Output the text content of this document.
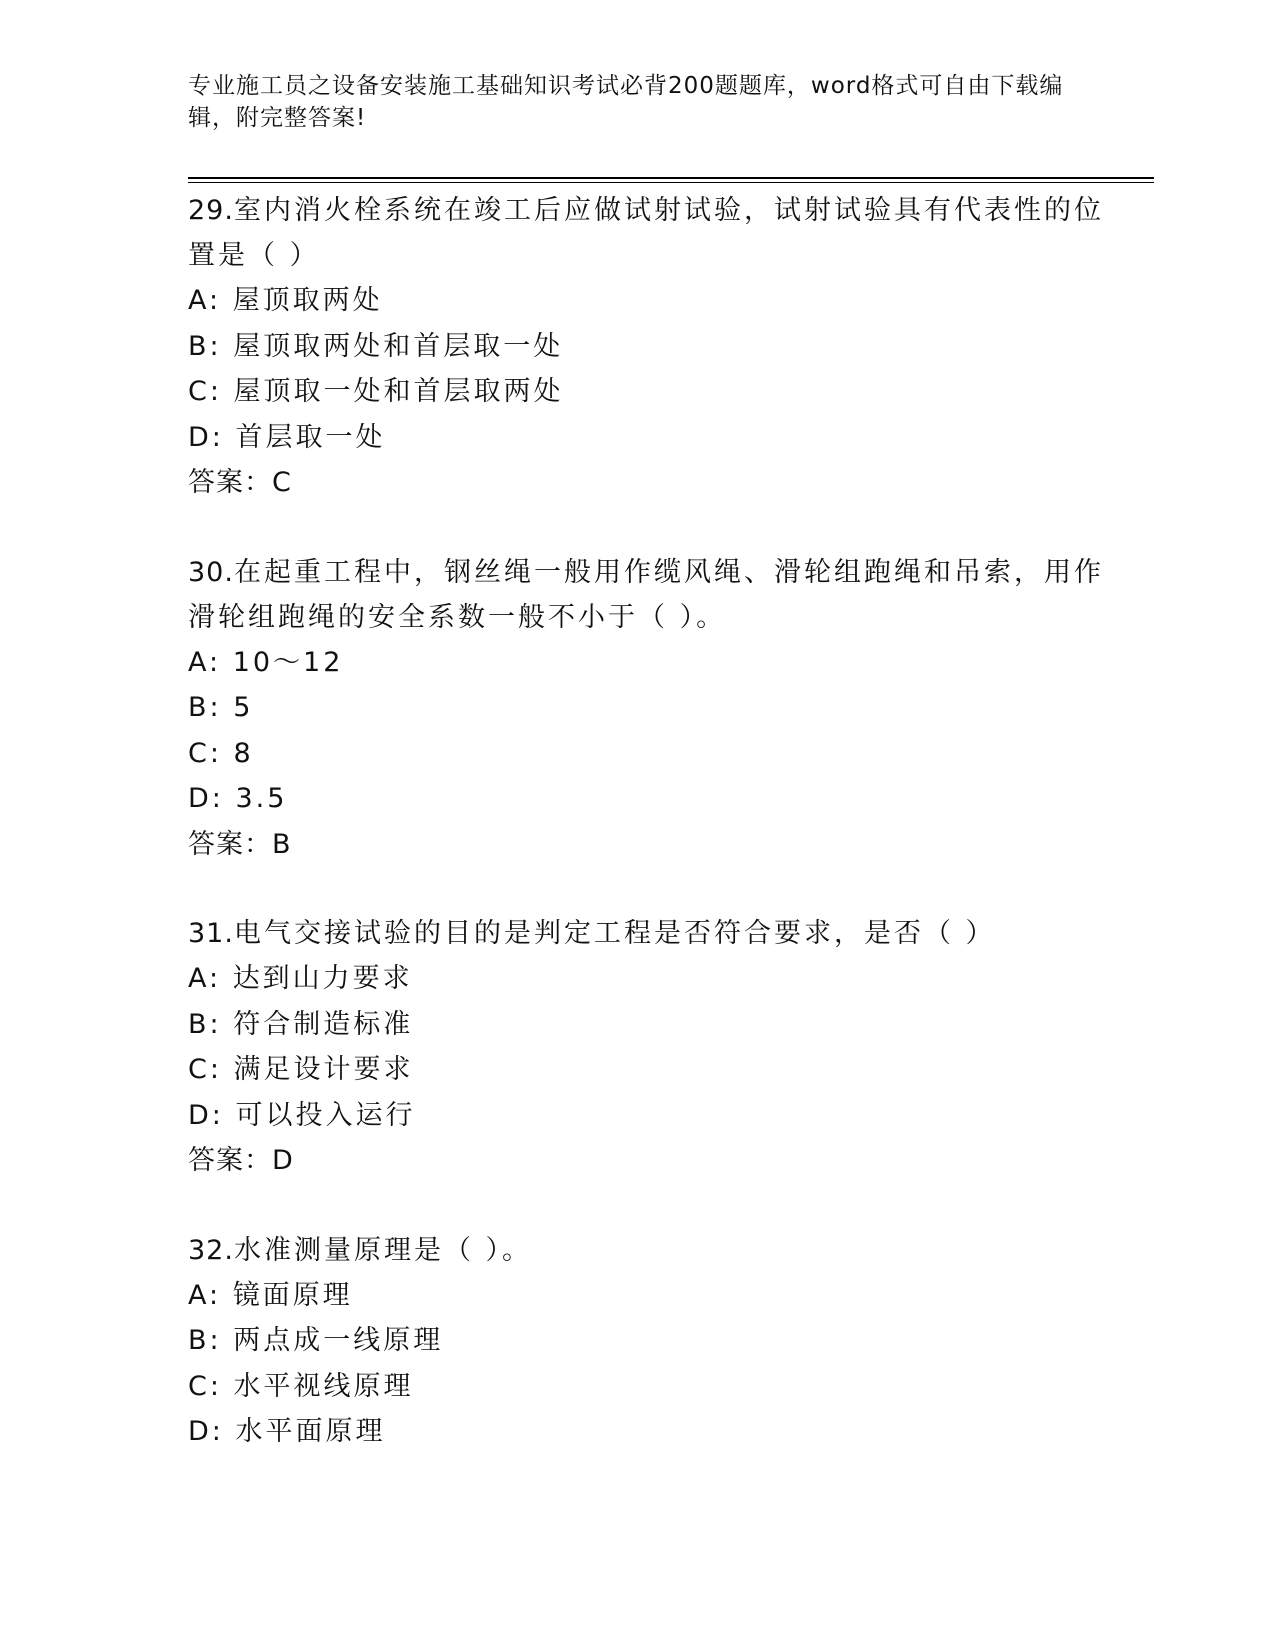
专业施工员之设备安装施工基础知识考试必背200题题库，word格式可自由下载编辑，附完整答案!
29.室内消火栓系统在竣工后应做试射试验，试射试验具有代表性的位置是（ ）
A: 屋顶取两处
B: 屋顶取两处和首层取一处
C: 屋顶取一处和首层取两处
D: 首层取一处
答案：C
30.在起重工程中，钢丝绳一般用作缆风绳、滑轮组跑绳和吊索，用作滑轮组跑绳的安全系数一般不小于（ ）。
A: 10～12
B: 5
C: 8
D: 3.5
答案：B
31.电气交接试验的目的是判定工程是否符合要求，是否（ ）
A: 达到山力要求
B: 符合制造标准
C: 满足设计要求
D: 可以投入运行
答案：D
32.水准测量原理是（ ）。
A: 镜面原理
B: 两点成一线原理
C: 水平视线原理
D: 水平面原理
